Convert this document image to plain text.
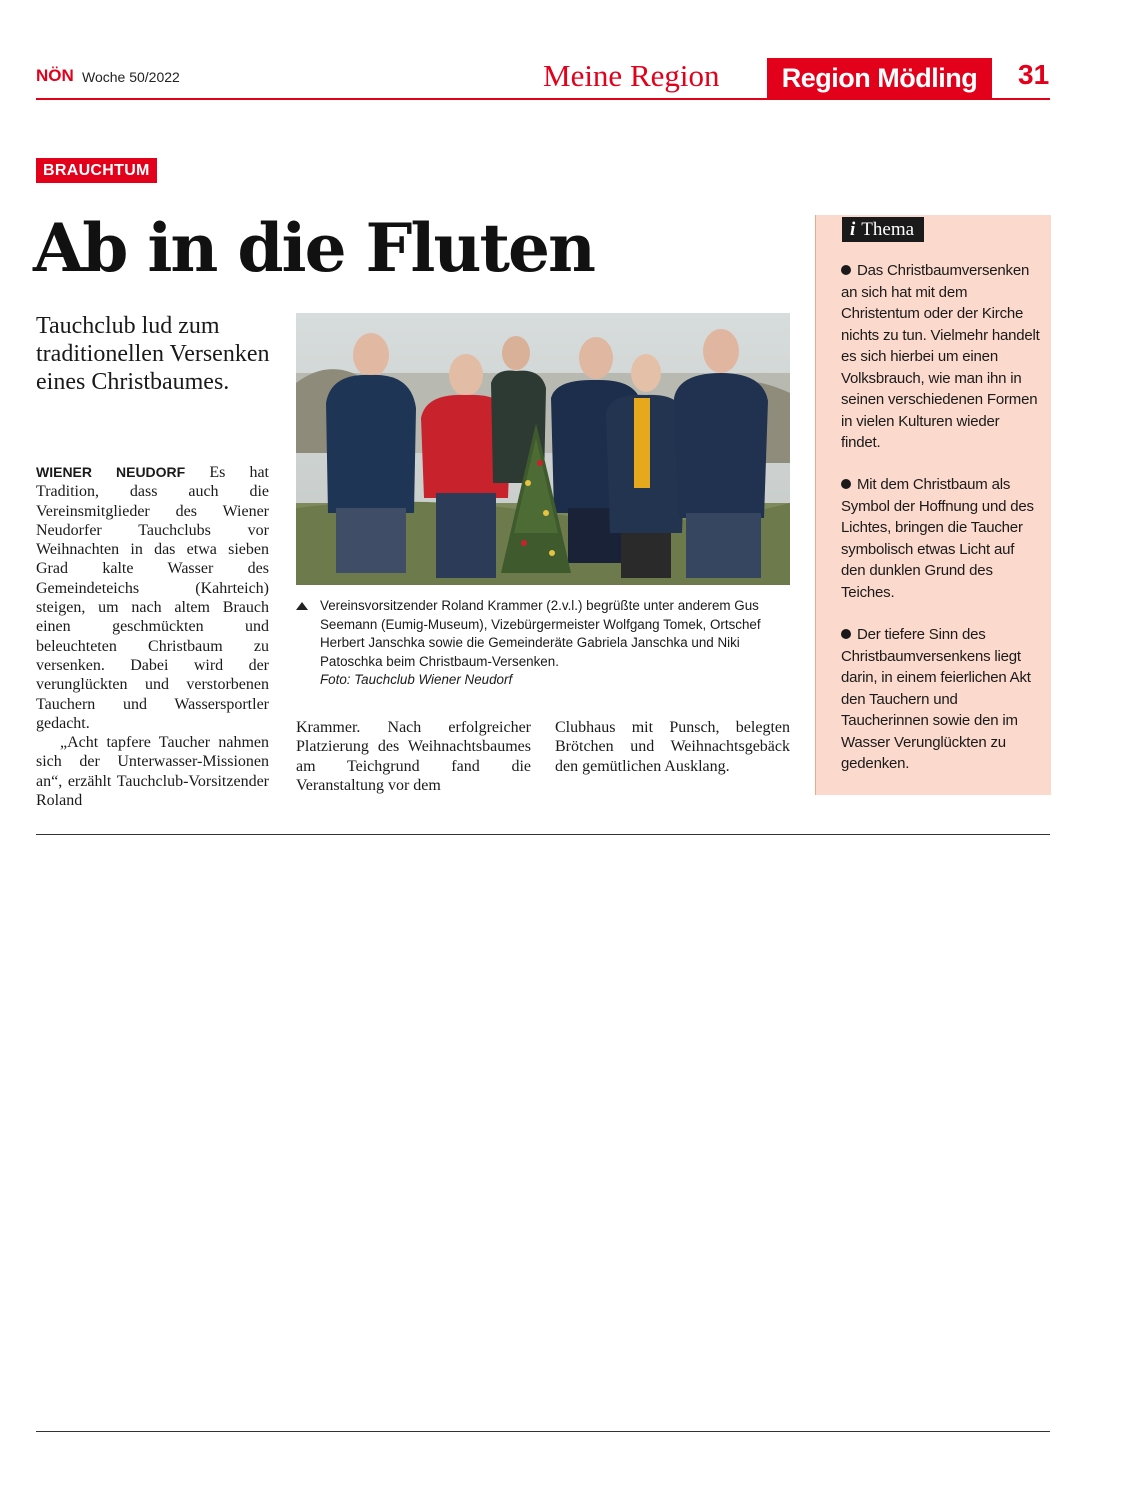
NÖN Woche 50/2022	Meine Region	Region Mödling	31
BRAUCHTUM
Ab in die Fluten

Tauchclub lud zum traditionellen Versenken eines Christbaumes.

WIENER NEUDORF Es hat Tradition, dass auch die Vereinsmitglieder des Wiener Neudorfer Tauchclubs vor Weihnachten in das etwa sieben Grad kalte Wasser des Gemeindeteichs (Kahrteich) steigen, um nach altem Brauch einen geschmückten und beleuchteten Christbaum zu versenken. Dabei wird der verunglückten und verstorbenen Tauchern und Wassersportler gedacht.

„Acht tapfere Taucher nahmen sich der Unterwasser-Missionen an“, erzählt Tauchclub-Vorsitzender Roland

Vereinsvorsitzender Roland Krammer (2.v.l.) begrüßte unter anderem Gus Seemann (Eumig-Museum), Vizebürgermeister Wolfgang Tomek, Ortschef Herbert Janschka sowie die Gemeinderäte Gabriela Janschka und Niki Patoschka beim Christbaum-Versenken.
Foto: Tauchclub Wiener Neudorf

Krammer. Nach erfolgreicher Platzierung des Weihnachtsbaumes am Teichgrund fand die Veranstaltung vor dem

Clubhaus mit Punsch, belegten Brötchen und Weihnachtsgebäck den gemütlichen Ausklang.

i Thema
Das Christbaumversenken an sich hat mit dem Christentum oder der Kirche nichts zu tun. Vielmehr handelt es sich hierbei um einen Volksbrauch, wie man ihn in seinen verschiedenen Formen in vielen Kulturen wieder findet.
Mit dem Christbaum als Symbol der Hoffnung und des Lichtes, bringen die Taucher symbolisch etwas Licht auf den dunklen Grund des Teiches.
Der tiefere Sinn des Christbaumversenkens liegt darin, in einem feierlichen Akt den Tauchern und Taucherinnen sowie den im Wasser Verunglückten zu gedenken.
